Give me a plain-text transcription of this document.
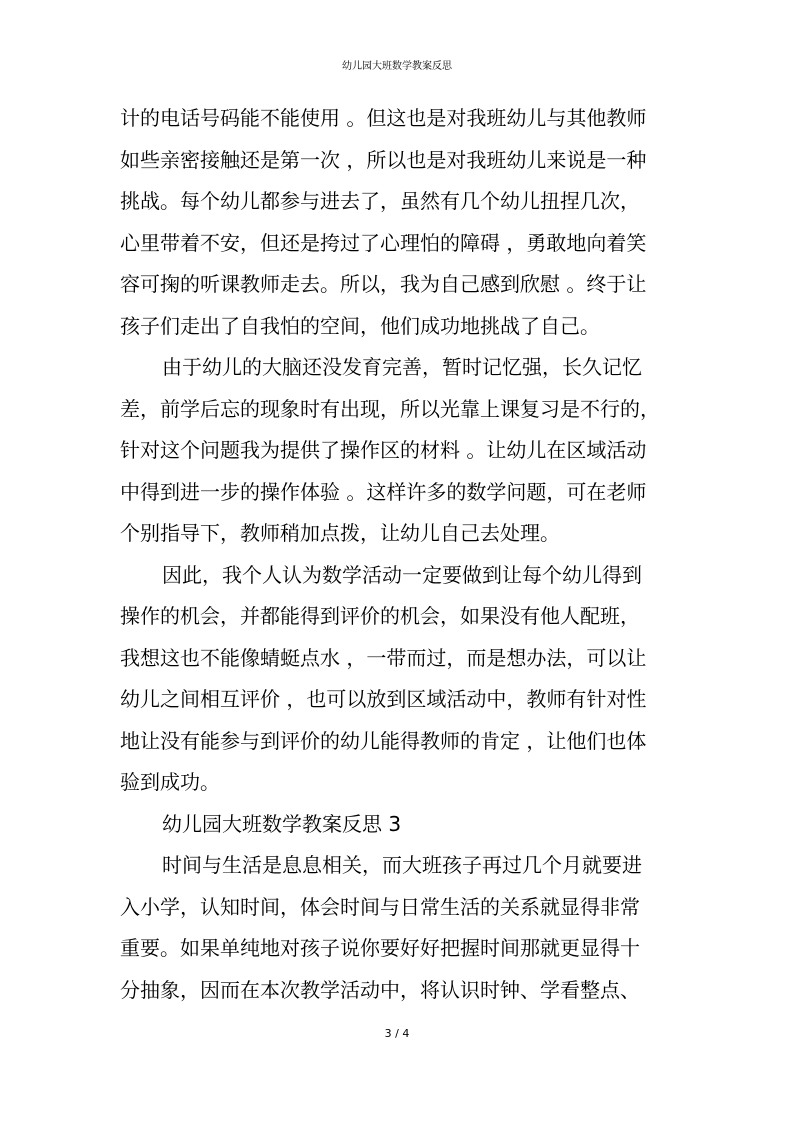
幼儿园大班数学教案反思
计的电话号码能不能使用 。但这也是对我班幼儿与其他教师
如些亲密接触还是第一次 ，所以也是对我班幼儿来说是一种
挑战。每个幼儿都参与进去了，虽然有几个幼儿扭捏几次，
心里带着不安，但还是挎过了心理怕的障碍 ，勇敢地向着笑
容可掬的听课教师走去。所以，我为自己感到欣慰 。终于让
孩子们走出了自我怕的空间，他们成功地挑战了自己。
由于幼儿的大脑还没发育完善，暂时记忆强，长久记忆
差，前学后忘的现象时有出现，所以光靠上课复习是不行的，
针对这个问题我为提供了操作区的材料 。让幼儿在区域活动
中得到进一步的操作体验 。这样许多的数学问题，可在老师
个别指导下，教师稍加点拨，让幼儿自己去处理。
因此，我个人认为数学活动一定要做到让每个幼儿得到
操作的机会，并都能得到评价的机会，如果没有他人配班，
我想这也不能像蜻蜓点水 ，一带而过，而是想办法，可以让
幼儿之间相互评价 ，也可以放到区域活动中，教师有针对性
地让没有能参与到评价的幼儿能得教师的肯定 ，让他们也体
验到成功。
幼儿园大班数学教案反思 3
时间与生活是息息相关，而大班孩子再过几个月就要进
入小学，认知时间，体会时间与日常生活的关系就显得非常
重要。如果单纯地对孩子说你要好好把握时间那就更显得十
分抽象，因而在本次教学活动中，将认识时钟、学看整点、
3 / 4
